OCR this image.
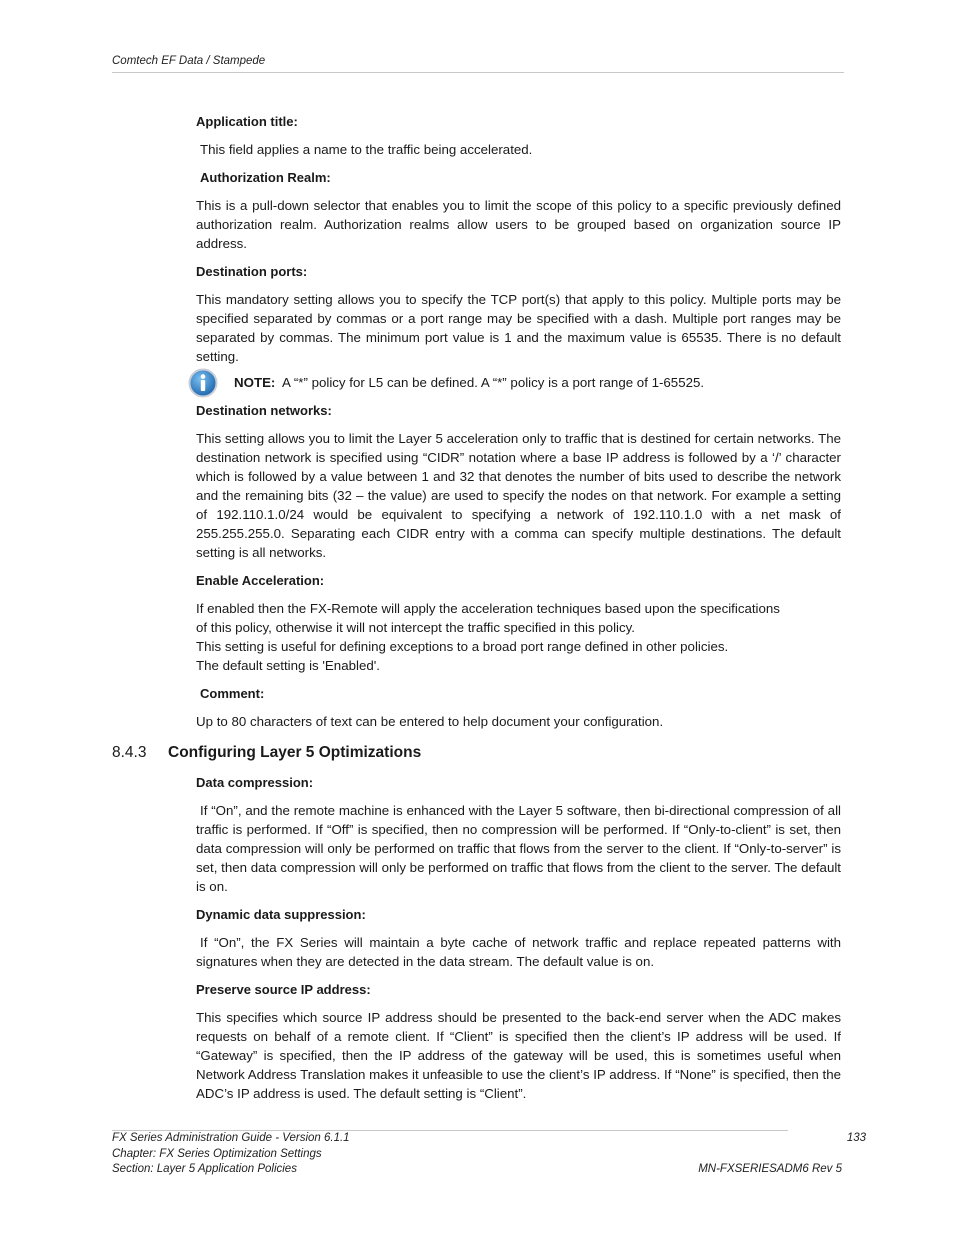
Comtech EF Data / Stampede
Application title:
This field applies a name to the traffic being accelerated.
Authorization Realm:
This is a pull-down selector that enables you to limit the scope of this policy to a specific previously defined authorization realm. Authorization realms allow users to be grouped based on organization source IP address.
Destination ports:
This mandatory setting allows you to specify the TCP port(s) that apply to this policy. Multiple ports may be specified separated by commas or a port range may be specified with a dash. Multiple port ranges may be separated by commas. The minimum port value is 1 and the maximum value is 65535. There is no default setting.
NOTE: A “*” policy for L5 can be defined. A “*” policy is a port range of 1-65525.
Destination networks:
This setting allows you to limit the Layer 5 acceleration only to traffic that is destined for certain networks. The destination network is specified using “CIDR” notation where a base IP address is followed by a ‘/’ character which is followed by a value between 1 and 32 that denotes the number of bits used to describe the network and the remaining bits (32 – the value) are used to specify the nodes on that network. For example a setting of 192.110.1.0/24 would be equivalent to specifying a network of 192.110.1.0 with a net mask of 255.255.255.0. Separating each CIDR entry with a comma can specify multiple destinations. The default setting is all networks.
Enable Acceleration:
If enabled then the FX-Remote will apply the acceleration techniques based upon the specifications
of this policy, otherwise it will not intercept the traffic specified in this policy.
This setting is useful for defining exceptions to a broad port range defined in other policies.
The default setting is 'Enabled'.
Comment:
Up to 80 characters of text can be entered to help document your configuration.
8.4.3 Configuring Layer 5 Optimizations
Data compression:
If “On”, and the remote machine is enhanced with the Layer 5 software, then bi-directional compression of all traffic is performed. If “Off” is specified, then no compression will be performed. If “Only-to-client” is set, then data compression will only be performed on traffic that flows from the server to the client. If “Only-to-server” is set, then data compression will only be performed on traffic that flows from the client to the server. The default is on.
Dynamic data suppression:
If “On”, the FX Series will maintain a byte cache of network traffic and replace repeated patterns with signatures when they are detected in the data stream. The default value is on.
Preserve source IP address:
This specifies which source IP address should be presented to the back-end server when the ADC makes requests on behalf of a remote client. If “Client” is specified then the client’s IP address will be used. If “Gateway” is specified, then the IP address of the gateway will be used, this is sometimes useful when Network Address Translation makes it unfeasible to use the client’s IP address. If “None” is specified, then the ADC’s IP address is used. The default setting is “Client”.
FX Series Administration Guide - Version 6.1.1
Chapter: FX Series Optimization Settings
Section: Layer 5 Application Policies
133
MN-FXSERIESADM6 Rev 5
